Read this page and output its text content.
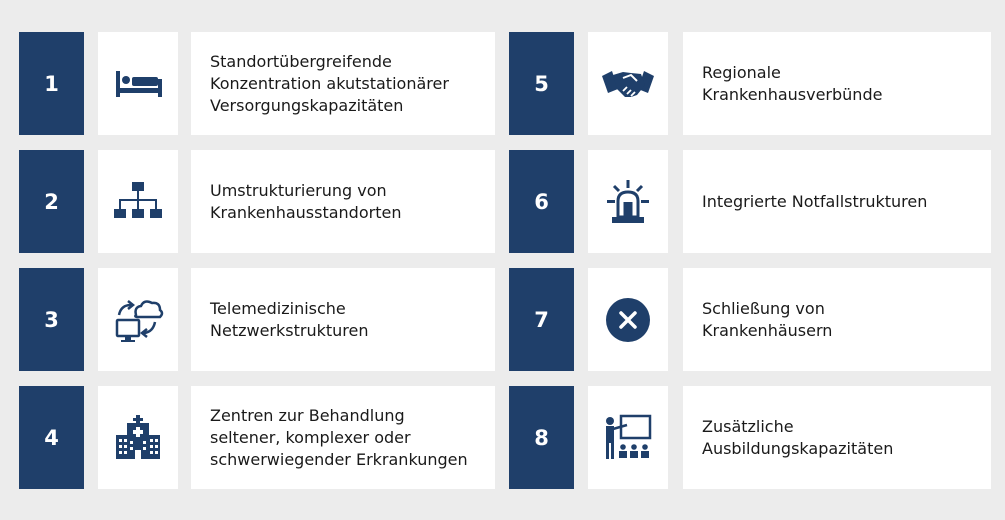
1
Standortübergreifende
Konzentration akutstationärer
Versorgungskapazitäten
2	Umstrukturierung von
Krankenhausstandorten
3	Telemedizinische
Netzwerkstrukturen
4
Zentren zur Behandlung
seltener, komplexer oder
schwerwiegender Erkrankungen
5	Regionale
Krankenhausverbünde
6	Integrierte Notfallstrukturen
7	Schließung von
Krankenhäusern
8	Zusätzliche
Ausbildungskapazitäten
